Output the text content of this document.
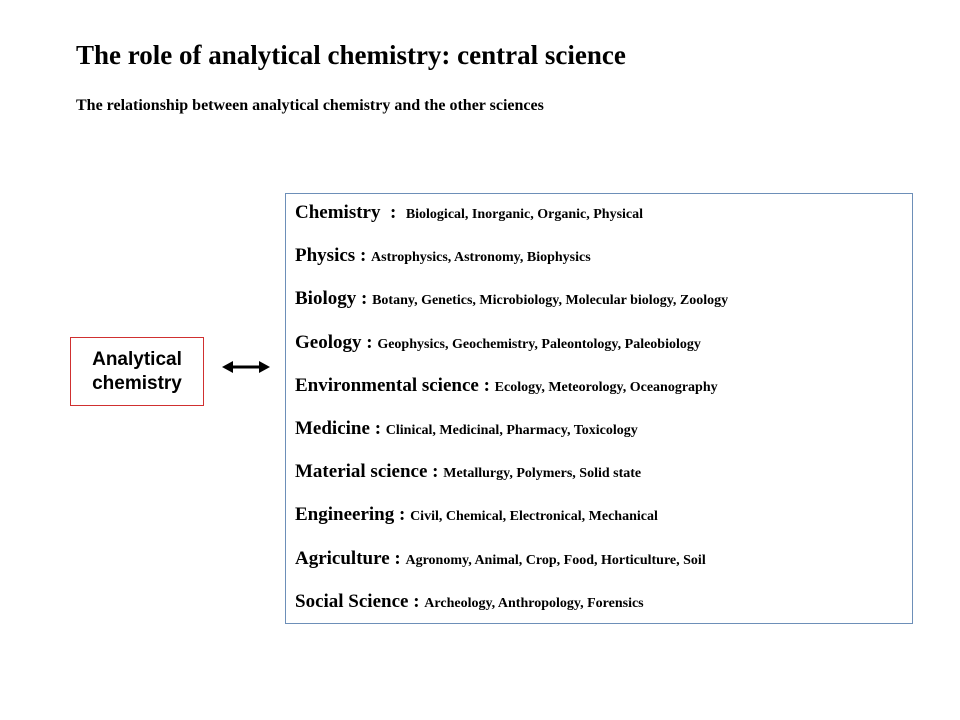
The role of analytical chemistry: central science
The relationship between analytical chemistry and the other sciences
Analytical
chemistry
Chemistry  :  Biological, Inorganic, Organic, Physical
Physics : Astrophysics, Astronomy, Biophysics
Biology : Botany, Genetics, Microbiology, Molecular biology, Zoology
Geology : Geophysics, Geochemistry, Paleontology, Paleobiology
Environmental science : Ecology, Meteorology, Oceanography
Medicine : Clinical, Medicinal, Pharmacy, Toxicology
Material science : Metallurgy, Polymers, Solid state
Engineering : Civil, Chemical, Electronical, Mechanical
Agriculture : Agronomy, Animal, Crop, Food, Horticulture, Soil
Social Science : Archeology, Anthropology, Forensics
